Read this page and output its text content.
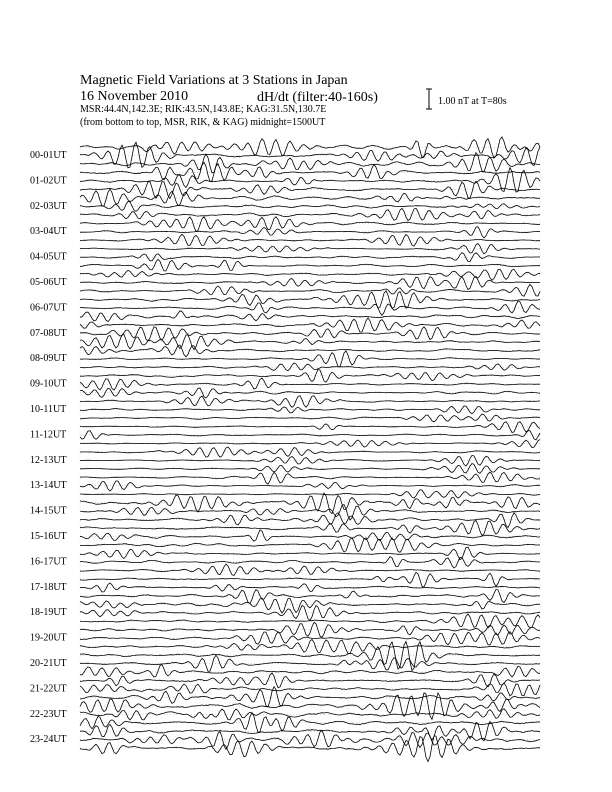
Magnetic Field Variations at 3 Stations in Japan
16 November 2010	dH/dt (filter:40-160s)
MSR:44.4N,142.3E; RIK:43.5N,143.8E; KAG:31.5N,130.7E
(from bottom to top, MSR, RIK, & KAG) midnight=1500UT
1.00 nT at T=80s
00-01UT
01-02UT
02-03UT
03-04UT
04-05UT
05-06UT
06-07UT
07-08UT
08-09UT
09-10UT
10-11UT
11-12UT
12-13UT
13-14UT
14-15UT
15-16UT
16-17UT
17-18UT
18-19UT
19-20UT
20-21UT
21-22UT
22-23UT
23-24UT
